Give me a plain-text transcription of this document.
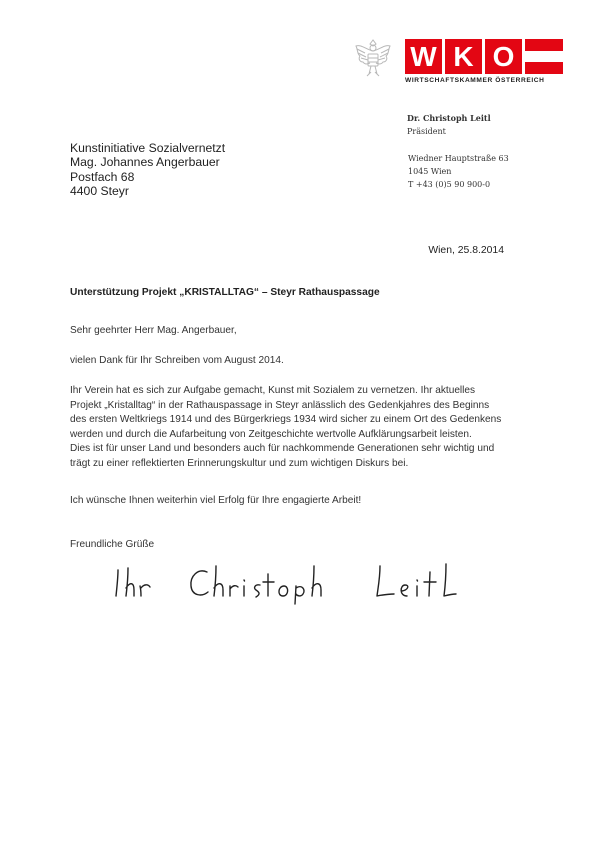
W K O
WIRTSCHAFTSKAMMER ÖSTERREICH
Dr. Christoph Leitl
Präsident
Wiedner Hauptstraße 63
1045 Wien
T +43 (0)5 90 900-0
Kunstinitiative Sozialvernetzt
Mag. Johannes Angerbauer
Postfach 68
4400 Steyr
Wien, 25.8.2014
Unterstützung Projekt „KRISTALLTAG“ – Steyr Rathauspassage
Sehr geehrter Herr Mag. Angerbauer,
vielen Dank für Ihr Schreiben vom August 2014.
Ihr Verein hat es sich zur Aufgabe gemacht, Kunst mit Sozialem zu vernetzen. Ihr aktuelles
Projekt „Kristalltag“ in der Rathauspassage in Steyr anlässlich des Gedenkjahres des Beginns
des ersten Weltkriegs 1914 und des Bürgerkriegs 1934 wird sicher zu einem Ort des Gedenkens
werden und durch die Aufarbeitung von Zeitgeschichte wertvolle Aufklärungsarbeit leisten.
Dies ist für unser Land und besonders auch für nachkommende Generationen sehr wichtig und
trägt zu einer reflektierten Erinnerungskultur und zum wichtigen Diskurs bei.
Ich wünsche Ihnen weiterhin viel Erfolg für Ihre engagierte Arbeit!
Freundliche Grüße
